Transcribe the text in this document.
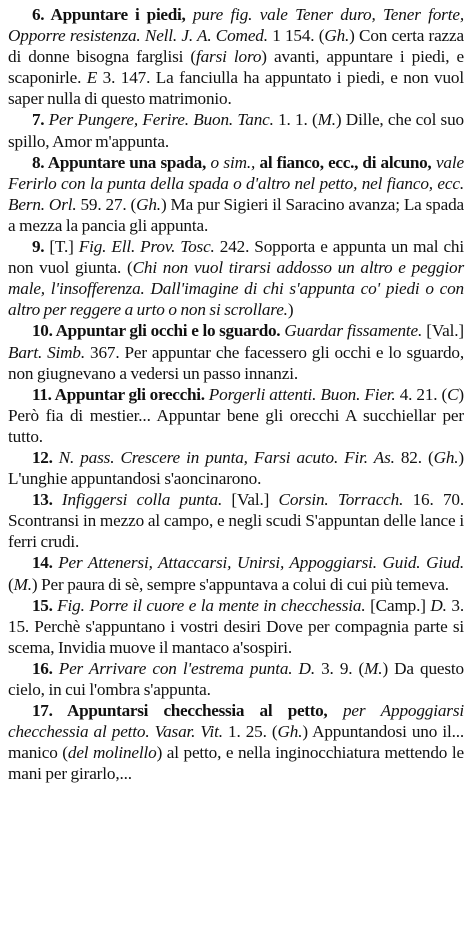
6. Appuntare i piedi, pure fig. vale Tener duro, Tener forte, Opporre resistenza. Nell. J. A. Comed. 1 154. (Gh.) Con certa razza di donne bisogna farglisi (farsi loro) avanti, appuntare i piedi, e scaponirle. E 3. 147. La fanciulla ha appuntato i piedi, e non vuol saper nulla di questo matrimonio.

7. Per Pungere, Ferire. Buon. Tanc. 1. 1. (M.) Dille, che col suo spillo, Amor m'appunta.

8. Appuntare una spada, o sim., al fianco, ecc., di alcuno, vale Ferirlo con la punta della spada o d'altro nel petto, nel fianco, ecc. Bern. Orl. 59. 27. (Gh.) Ma pur Sigieri il Saracino avanza; La spada a mezza la pancia gli appunta.

9. [T.] Fig. Ell. Prov. Tosc. 242. Sopporta e appunta un mal chi non vuol giunta. (Chi non vuol tirarsi addosso un altro e peggior male, l'insofferenza. Dall'imagine di chi s'appunta co' piedi o con altro per reggere a urto o non si scrollare.)

10. Appuntar gli occhi e lo sguardo. Guardar fissamente. [Val.] Bart. Simb. 367. Per appuntar che facessero gli occhi e lo sguardo, non giugnevano a vedersi un passo innanzi.

11. Appuntar gli orecchi. Porgerli attenti. Buon. Fier. 4. 21. (C) Però fia di mestier... Appuntar bene gli orecchi A succhiellar per tutto.

12. N. pass. Crescere in punta, Farsi acuto. Fir. As. 82. (Gh.) L'unghie appuntandosi s'aoncinarono.

13. Infiggersi colla punta. [Val.] Corsin. Torracch. 16. 70. Scontransi in mezzo al campo, e negli scudi S'appuntan delle lance i ferri crudi.

14. Per Attenersi, Attaccarsi, Unirsi, Appoggiarsi. Guid. Giud. (M.) Per paura di sè, sempre s'appuntava a colui di cui più temeva.

15. Fig. Porre il cuore e la mente in checchessia. [Camp.] D. 3. 15. Perchè s'appuntano i vostri desiri Dove per compagnia parte si scema, Invidia muove il mantaco a'sospiri.

16. Per Arrivare con l'estrema punta. D. 3. 9. (M.) Da questo cielo, in cui l'ombra s'appunta.

17. Appuntarsi checchessia al petto, per Appoggiarsi checchessia al petto. Vasar. Vit. 1. 25. (Gh.) Appuntandosi uno il... manico (del molinello) al petto, e nella inginocchiatura mettendo le mani per girarlo,...
